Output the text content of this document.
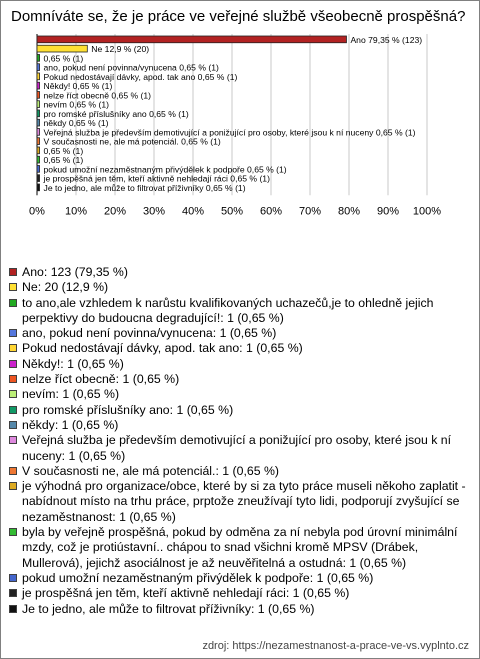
Domníváte se, že je práce ve veřejné službě všeobecně prospěšná?
0% 10% 20% 30% 40% 50% 60% 70% 80% 90% 100%
Ano 79,35 % (123)
Ne 12,9 % (20)
0,65 % (1)
ano, pokud není povinna/vynucena 0,65 % (1)
Pokud nedostávají dávky, apod. tak ano 0,65 % (1)
Někdy! 0,65 % (1)
nelze říct obecně 0,65 % (1)
nevím 0,65 % (1)
pro romské příslušníky ano 0,65 % (1)
někdy 0,65 % (1)
Veřejná služba je především demotivující a ponižující pro osoby, které jsou k ní nuceny 0,65 % (1)
V současnosti ne, ale má potenciál. 0,65 % (1)
0,65 % (1)
0,65 % (1)
pokud umožní nezaměstnaným přivýdělek k podpoře 0,65 % (1)
je prospěšná jen těm, kteří aktivně nehledají ráci 0,65 % (1)
Je to jedno, ale může to filtrovat příživníky 0,65 % (1)
Ano: 123 (79,35 %)
Ne: 20 (12,9 %)
to ano,ale vzhledem k narůstu kvalifikovaných uchazečů,je to ohledně jejich perpektivy do budoucna degradující!: 1 (0,65 %)
ano, pokud není povinna/vynucena: 1 (0,65 %)
Pokud nedostávají dávky, apod. tak ano: 1 (0,65 %)
Někdy!: 1 (0,65 %)
nelze říct obecně: 1 (0,65 %)
nevím: 1 (0,65 %)
pro romské příslušníky ano: 1 (0,65 %)
někdy: 1 (0,65 %)
Veřejná služba je především demotivující a ponižující pro osoby, které jsou k ní nuceny: 1 (0,65 %)
V současnosti ne, ale má potenciál.: 1 (0,65 %)
je výhodná pro organizace/obce, které by si za tyto práce museli někoho zaplatit - nabídnout místo na trhu práce, prptože zneužívají tyto lidi, podporují zvyšující se nezaměstnanost: 1 (0,65 %)
byla by veřejně prospěšná, pokud by odměna za ní nebyla pod úrovní minimální mzdy, což je protiústavní.. chápou to snad všichni kromě MPSV (Drábek, Mullerová), jejichž asociálnost je až neuvěřitelná a ostudná: 1 (0,65 %)
pokud umožní nezaměstnaným přivýdělek k podpoře: 1 (0,65 %)
je prospěšná jen těm, kteří aktivně nehledají ráci: 1 (0,65 %)
Je to jedno, ale může to filtrovat příživníky: 1 (0,65 %)
zdroj: https://nezamestnanost-a-prace-ve-vs.vyplnto.cz
